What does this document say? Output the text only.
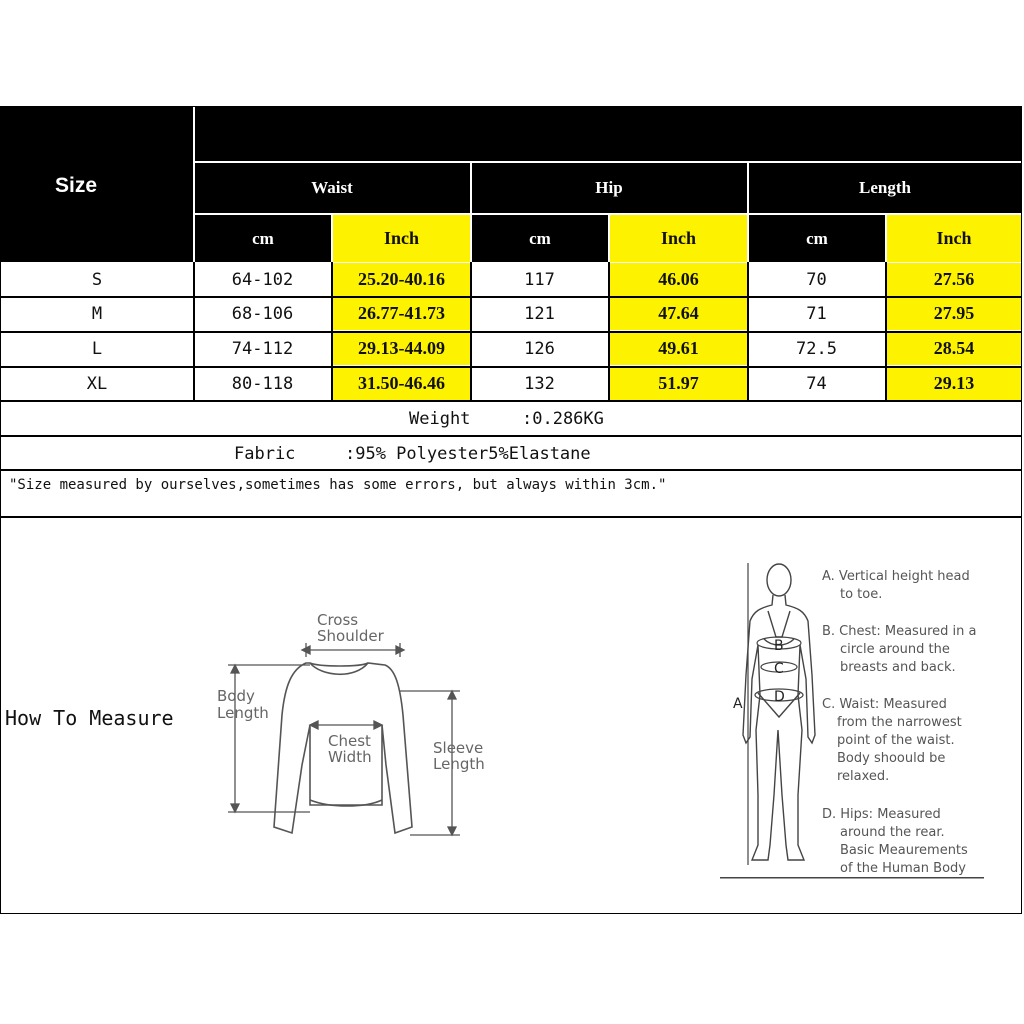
Size	Waist	Hip	Length
cm	Inch	cm	Inch	cm	Inch
S	64-102	25.20-40.16	117	46.06	70	27.56
M	68-106	26.77-41.73	121	47.64	71	27.95
L	74-112	29.13-44.09	126	49.61	72.5	28.54
XL	80-118	31.50-46.46	132	51.97	74	29.13
Weight	:0.286KG
Fabric	:95% Polyester5%Elastane
"Size measured by ourselves,sometimes has some errors, but always within 3cm."
How To Measure
Cross
Shoulder
Body
Length
Chest
Width	Sleeve
Length
A
B
C
D
A. Vertical height head
to toe.
B. Chest: Measured in a
circle around the
breasts and back.
C. Waist: Measured
from the narrowest
point of the waist.
Body shoould be
relaxed.
D. Hips: Measured
around the rear.
Basic Meaurements
of the Human Body
